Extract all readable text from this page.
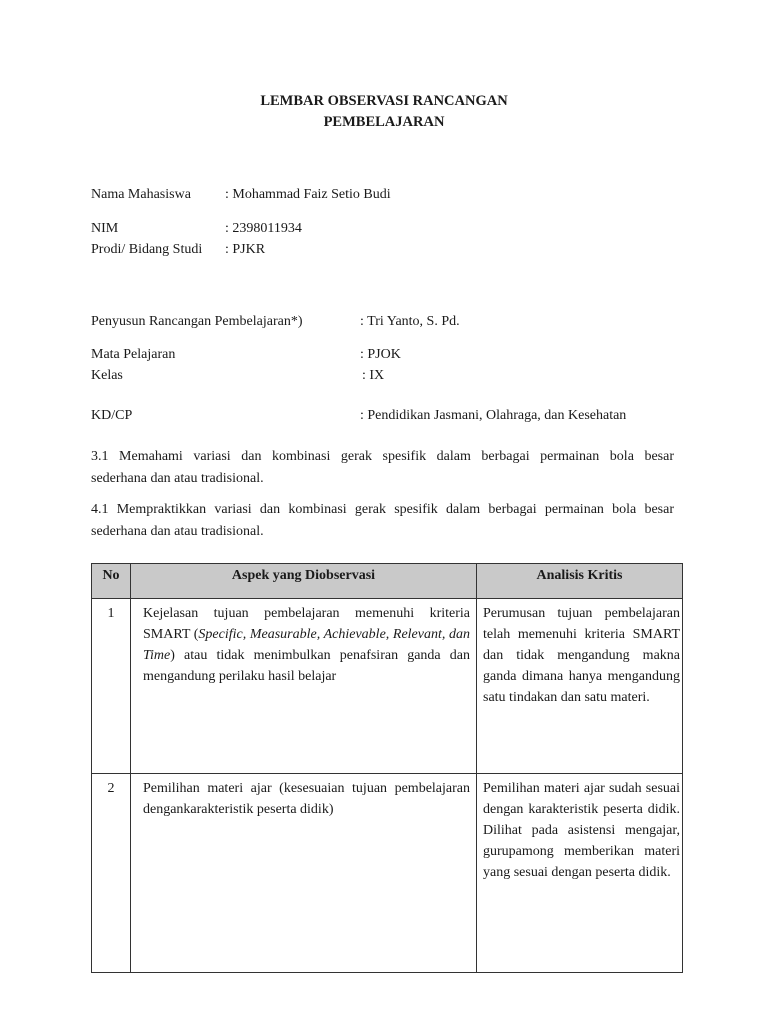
LEMBAR OBSERVASI RANCANGAN
PEMBELAJARAN
Nama Mahasiswa : Mohammad Faiz Setio Budi
NIM	: 2398011934
Prodi/ Bidang Studi : PJKR
Penyusun Rancangan Pembelajaran*)	: Tri Yanto, S. Pd.
Mata Pelajaran	: PJOK
Kelas	: IX
KD/CP	: Pendidikan Jasmani, Olahraga, dan Kesehatan
3.1 Memahami variasi dan kombinasi gerak spesifik dalam berbagai permainan bola besar
sederhana dan atau tradisional.
4.1 Mempraktikkan variasi dan kombinasi gerak spesifik dalam berbagai permainan bola besar
sederhana dan atau tradisional.
No	Aspek yang Diobservasi	Analisis Kritis
1	Kejelasan tujuan pembelajaran memenuhi kriteria SMART (Specific, Measurable, Achievable, Relevant, dan Time) atau tidak menimbulkan penafsiran ganda dan mengandung perilaku hasil belajar	Perumusan tujuan pembelajaran telah memenuhi kriteria SMART dan tidak mengandung makna ganda dimana hanya mengandung satu tindakan dan satu materi.
2	Pemilihan materi ajar (kesesuaian tujuan pembelajaran dengankarakteristik peserta didik)	Pemilihan materi ajar sudah sesuai dengan karakteristik peserta didik. Dilihat pada asistensi mengajar, gurupamong memberikan materi yang sesuai dengan peserta didik.
